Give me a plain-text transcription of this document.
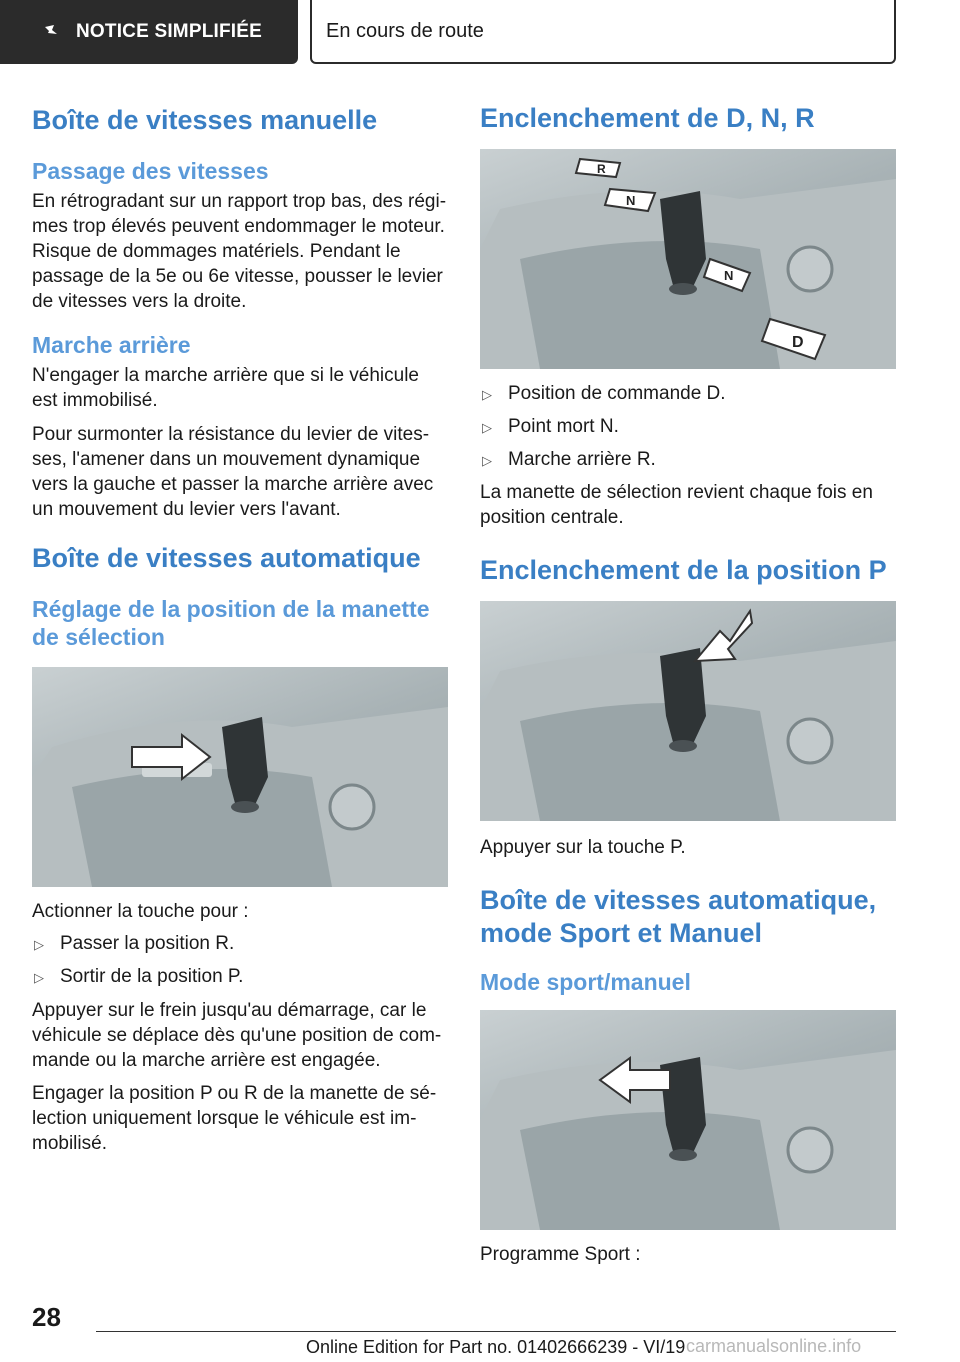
NOTICE SIMPLIFIÉE	En cours de route
Boîte de vitesses manuelle
Passage des vitesses

En rétrogradant sur un rapport trop bas, des régimes trop élevés peuvent endommager le moteur. Risque de dommages matériels. Pendant le passage de la 5e ou 6e vitesse, pousser le levier de vitesses vers la droite.

Marche arrière

N'engager la marche arrière que si le véhicule est immobilisé.

Pour surmonter la résistance du levier de vitesses, l'amener dans un mouvement dynamique vers la gauche et passer la marche arrière avec un mouvement du levier vers l'avant.

Boîte de vitesses automatique
Réglage de la position de la manette de sélection

Actionner la touche pour :

▷ Passer la position R.
▷ Sortir de la position P.

Appuyer sur le frein jusqu'au démarrage, car le véhicule se déplace dès qu'une position de commande ou la marche arrière est engagée.

Engager la position P ou R de la manette de sélection uniquement lorsque le véhicule est immobilisé.

Enclenchement de D, N, R
R
N
N
D
▷ Position de commande D.
▷ Point mort N.
▷ Marche arrière R.

La manette de sélection revient chaque fois en position centrale.

Enclenchement de la position P

Appuyer sur la touche P.

Boîte de vitesses automatique, mode Sport et Manuel
Mode sport/manuel

Programme Sport :

28
Online Edition for Part no. 01402666239 - VI/19 carmanualsonline.info
